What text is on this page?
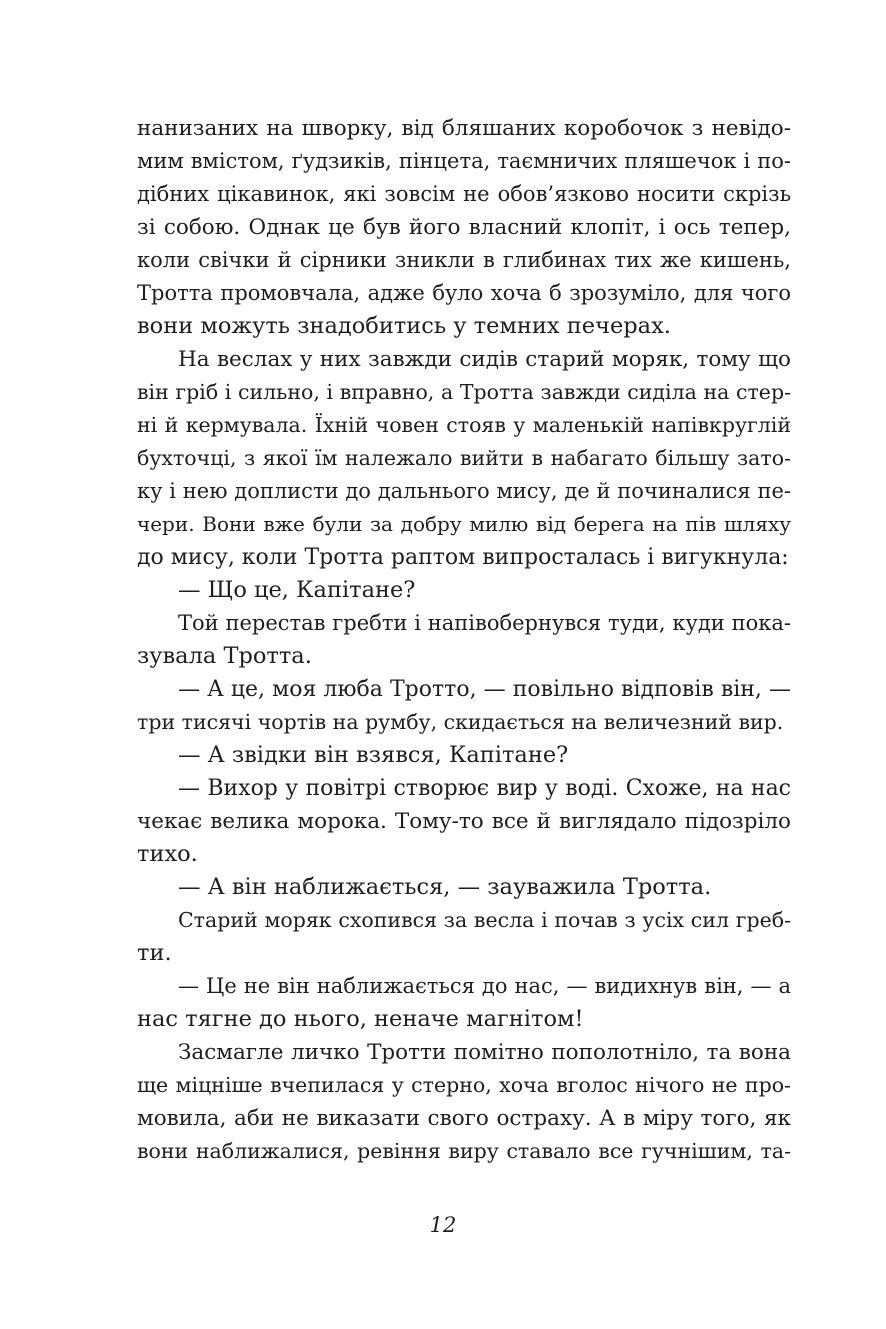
нанизаних на шворку, від бляшаних коробочок з невідо-
мим вмістом, ґудзиків, пінцета, таємничих пляшечок і по-
дібних цікавинок, які зовсім не обов’язково носити скрізь
зі собою. Однак це був його власний клопіт, і ось тепер,
коли свічки й сірники зникли в глибинах тих же кишень,
Тротта промовчала, адже було хоча б зрозуміло, для чого
вони можуть знадобитись у темних печерах.
На веслах у них завжди сидів старий моряк, тому що
він гріб і сильно, і вправно, а Тротта завжди сиділа на стер-
ні й кермувала. Їхній човен стояв у маленькій напівкруглій
бухточці, з якої їм належало вийти в набагато більшу зато-
ку і нею доплисти до дальнього мису, де й починалися пе-
чери. Вони вже були за добру милю від берега на пів шляху
до мису, коли Тротта раптом випросталась і вигукнула:
— Що це, Капітане?
Той перестав гребти і напівобернувся туди, куди пока-
зувала Тротта.
— А це, моя люба Тротто, — повільно відповів він, —
три тисячі чортів на румбу, скидається на величезний вир.
— А звідки він взявся, Капітане?
— Вихор у повітрі створює вир у воді. Схоже, на нас
чекає велика морока. Тому-то все й виглядало підозріло
тихо.
— А він наближається, — зауважила Тротта.
Старий моряк схопився за весла і почав з усіх сил греб-
ти.
— Це не він наближається до нас, — видихнув він, — а
нас тягне до нього, неначе магнітом!
Засмагле личко Тротти помітно пополотніло, та вона
ще міцніше вчепилася у стерно, хоча вголос нічого не про-
мовила, аби не виказати свого остраху. А в міру того, як
вони наближалися, ревіння виру ставало все гучнішим, та-
12
